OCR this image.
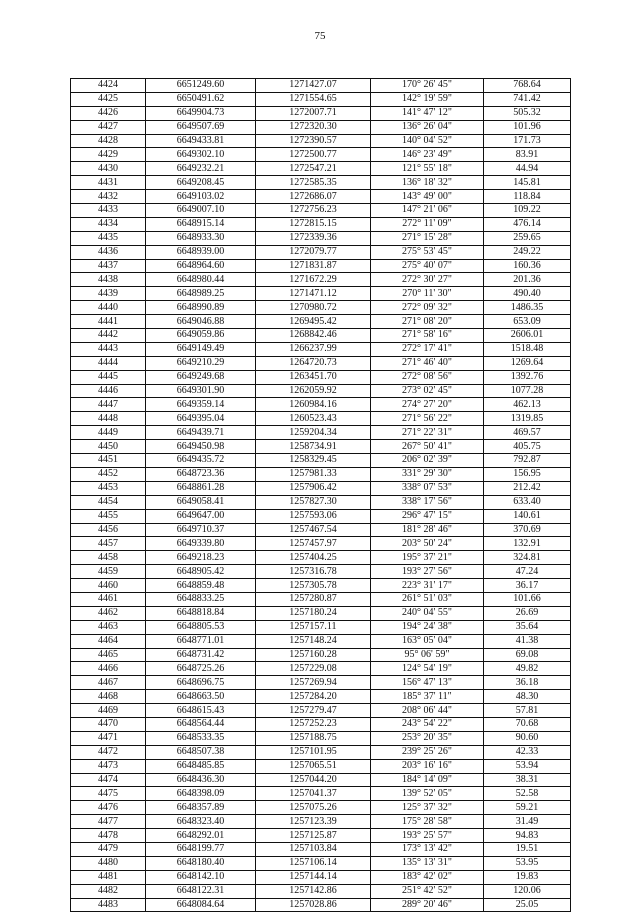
75
4424	6651249.60	1271427.07	170° 26' 45"	768.64
4425	6650491.62	1271554.65	142° 19' 59"	741.42
4426	6649904.73	1272007.71	141° 47' 12"	505.32
4427	6649507.69	1272320.30	136° 26' 04"	101.96
4428	6649433.81	1272390.57	140° 04' 52"	171.73
4429	6649302.10	1272500.77	146° 23' 49"	83.91
4430	6649232.21	1272547.21	121° 55' 18"	44.94
4431	6649208.45	1272585.35	136° 18' 32"	145.81
4432	6649103.02	1272686.07	143° 49' 00"	118.84
4433	6649007.10	1272756.23	147° 21' 06"	109.22
4434	6648915.14	1272815.15	272° 11' 09"	476.14
4435	6648933.30	1272339.36	271° 15' 28"	259.65
4436	6648939.00	1272079.77	275° 53' 45"	249.22
4437	6648964.60	1271831.87	275° 40' 07"	160.36
4438	6648980.44	1271672.29	272° 30' 27"	201.36
4439	6648989.25	1271471.12	270° 11' 30"	490.40
4440	6648990.89	1270980.72	272° 09' 32"	1486.35
4441	6649046.88	1269495.42	271° 08' 20"	653.09
4442	6649059.86	1268842.46	271° 58' 16"	2606.01
4443	6649149.49	1266237.99	272° 17' 41"	1518.48
4444	6649210.29	1264720.73	271° 46' 40"	1269.64
4445	6649249.68	1263451.70	272° 08' 56"	1392.76
4446	6649301.90	1262059.92	273° 02' 45"	1077.28
4447	6649359.14	1260984.16	274° 27' 20"	462.13
4448	6649395.04	1260523.43	271° 56' 22"	1319.85
4449	6649439.71	1259204.34	271° 22' 31"	469.57
4450	6649450.98	1258734.91	267° 50' 41"	405.75
4451	6649435.72	1258329.45	206° 02' 39"	792.87
4452	6648723.36	1257981.33	331° 29' 30"	156.95
4453	6648861.28	1257906.42	338° 07' 53"	212.42
4454	6649058.41	1257827.30	338° 17' 56"	633.40
4455	6649647.00	1257593.06	296° 47' 15"	140.61
4456	6649710.37	1257467.54	181° 28' 46"	370.69
4457	6649339.80	1257457.97	203° 50' 24"	132.91
4458	6649218.23	1257404.25	195° 37' 21"	324.81
4459	6648905.42	1257316.78	193° 27' 56"	47.24
4460	6648859.48	1257305.78	223° 31' 17"	36.17
4461	6648833.25	1257280.87	261° 51' 03"	101.66
4462	6648818.84	1257180.24	240° 04' 55"	26.69
4463	6648805.53	1257157.11	194° 24' 38"	35.64
4464	6648771.01	1257148.24	163° 05' 04"	41.38
4465	6648731.42	1257160.28	95° 06' 59"	69.08
4466	6648725.26	1257229.08	124° 54' 19"	49.82
4467	6648696.75	1257269.94	156° 47' 13"	36.18
4468	6648663.50	1257284.20	185° 37' 11"	48.30
4469	6648615.43	1257279.47	208° 06' 44"	57.81
4470	6648564.44	1257252.23	243° 54' 22"	70.68
4471	6648533.35	1257188.75	253° 20' 35"	90.60
4472	6648507.38	1257101.95	239° 25' 26"	42.33
4473	6648485.85	1257065.51	203° 16' 16"	53.94
4474	6648436.30	1257044.20	184° 14' 09"	38.31
4475	6648398.09	1257041.37	139° 52' 05"	52.58
4476	6648357.89	1257075.26	125° 37' 32"	59.21
4477	6648323.40	1257123.39	175° 28' 58"	31.49
4478	6648292.01	1257125.87	193° 25' 57"	94.83
4479	6648199.77	1257103.84	173° 13' 42"	19.51
4480	6648180.40	1257106.14	135° 13' 31"	53.95
4481	6648142.10	1257144.14	183° 42' 02"	19.83
4482	6648122.31	1257142.86	251° 42' 52"	120.06
4483	6648084.64	1257028.86	289° 20' 46"	25.05
